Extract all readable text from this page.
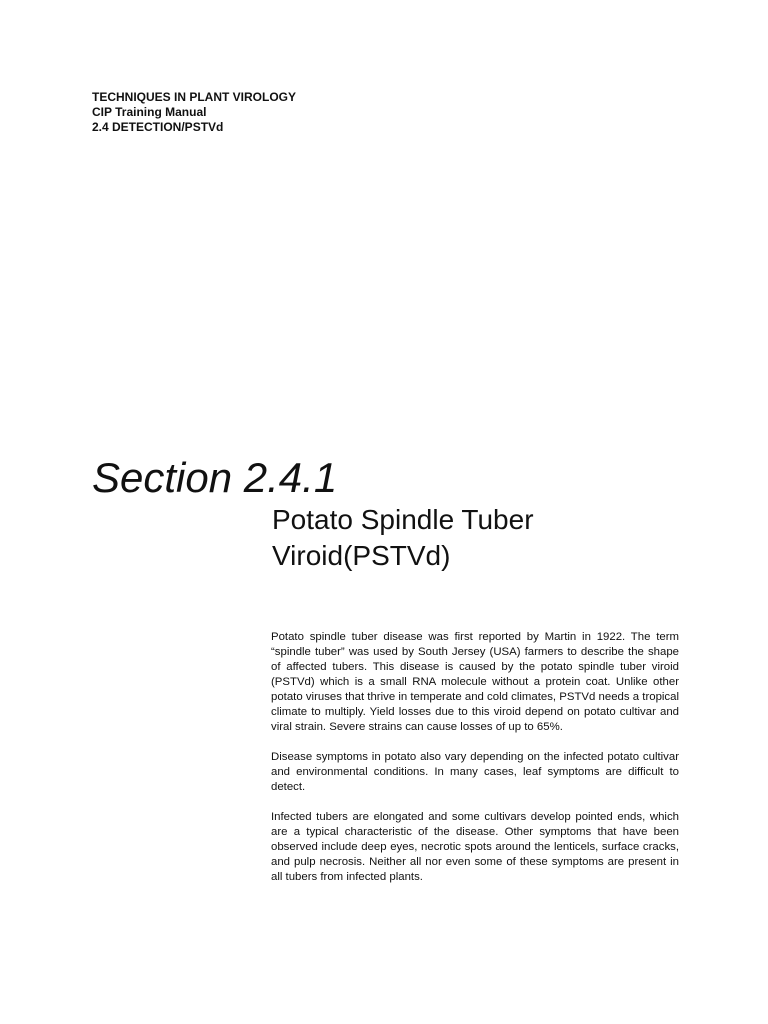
TECHNIQUES IN PLANT VIROLOGY
CIP Training Manual
2.4 DETECTION/PSTVd
Section 2.4.1
Potato Spindle Tuber
Viroid(PSTVd)

Potato spindle tuber disease was first reported by Martin in 1922. The term “spindle tuber” was used by South Jersey (USA) farmers to describe the shape of affected tubers. This disease is caused by the potato spindle tuber viroid (PSTVd) which is a small RNA molecule without a protein coat. Unlike other potato viruses that thrive in temperate and cold climates, PSTVd needs a tropical climate to multiply. Yield losses due to this viroid depend on potato cultivar and viral strain. Severe strains can cause losses of up to 65%.

Disease symptoms in potato also vary depending on the infected potato cultivar and environmental conditions. In many cases, leaf symptoms are difficult to detect.

Infected tubers are elongated and some cultivars develop pointed ends, which are a typical characteristic of the disease. Other symptoms that have been observed include deep eyes, necrotic spots around the lenticels, surface cracks, and pulp necrosis. Neither all nor even some of these symptoms are present in all tubers from infected plants.
